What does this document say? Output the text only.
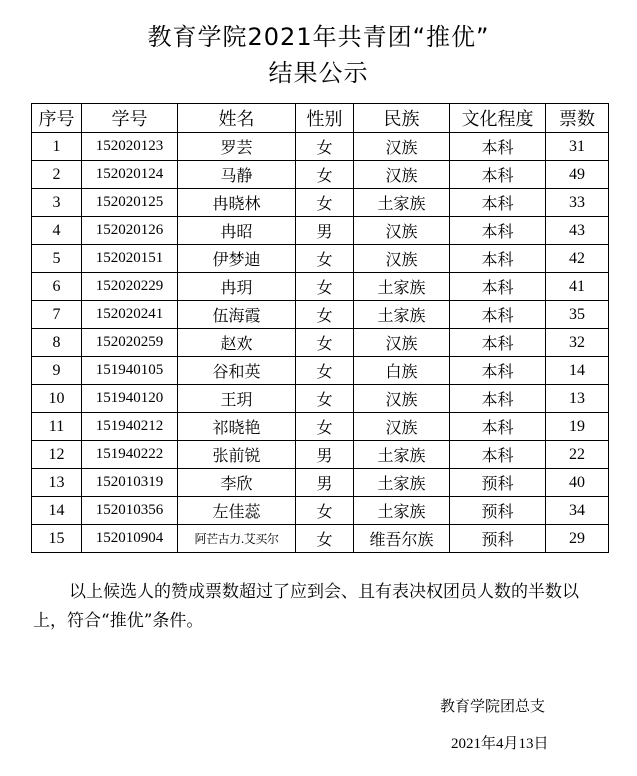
教育学院2021年共青团“推优”
结果公示
序号	学号	姓名	性别	民族	文化程度	票数
1	152020123	罗芸	女	汉族	本科	31
2	152020124	马静	女	汉族	本科	49
3	152020125	冉晓林	女	土家族	本科	33
4	152020126	冉昭	男	汉族	本科	43
5	152020151	伊梦迪	女	汉族	本科	42
6	152020229	冉玥	女	土家族	本科	41
7	152020241	伍海霞	女	土家族	本科	35
8	152020259	赵欢	女	汉族	本科	32
9	151940105	谷和英	女	白族	本科	14
10	151940120	王玥	女	汉族	本科	13
11	151940212	祁晓艳	女	汉族	本科	19
12	151940222	张前锐	男	土家族	本科	22
13	152010319	李欣	男	土家族	预科	40
14	152010356	左佳蕊	女	土家族	预科	34
15	152010904	阿芒古力.艾买尔	女	维吾尔族	预科	29
以上候选人的赞成票数超过了应到会、且有表决权团员人数的半数以上，符合“推优”条件。
教育学院团总支
2021年4月13日
